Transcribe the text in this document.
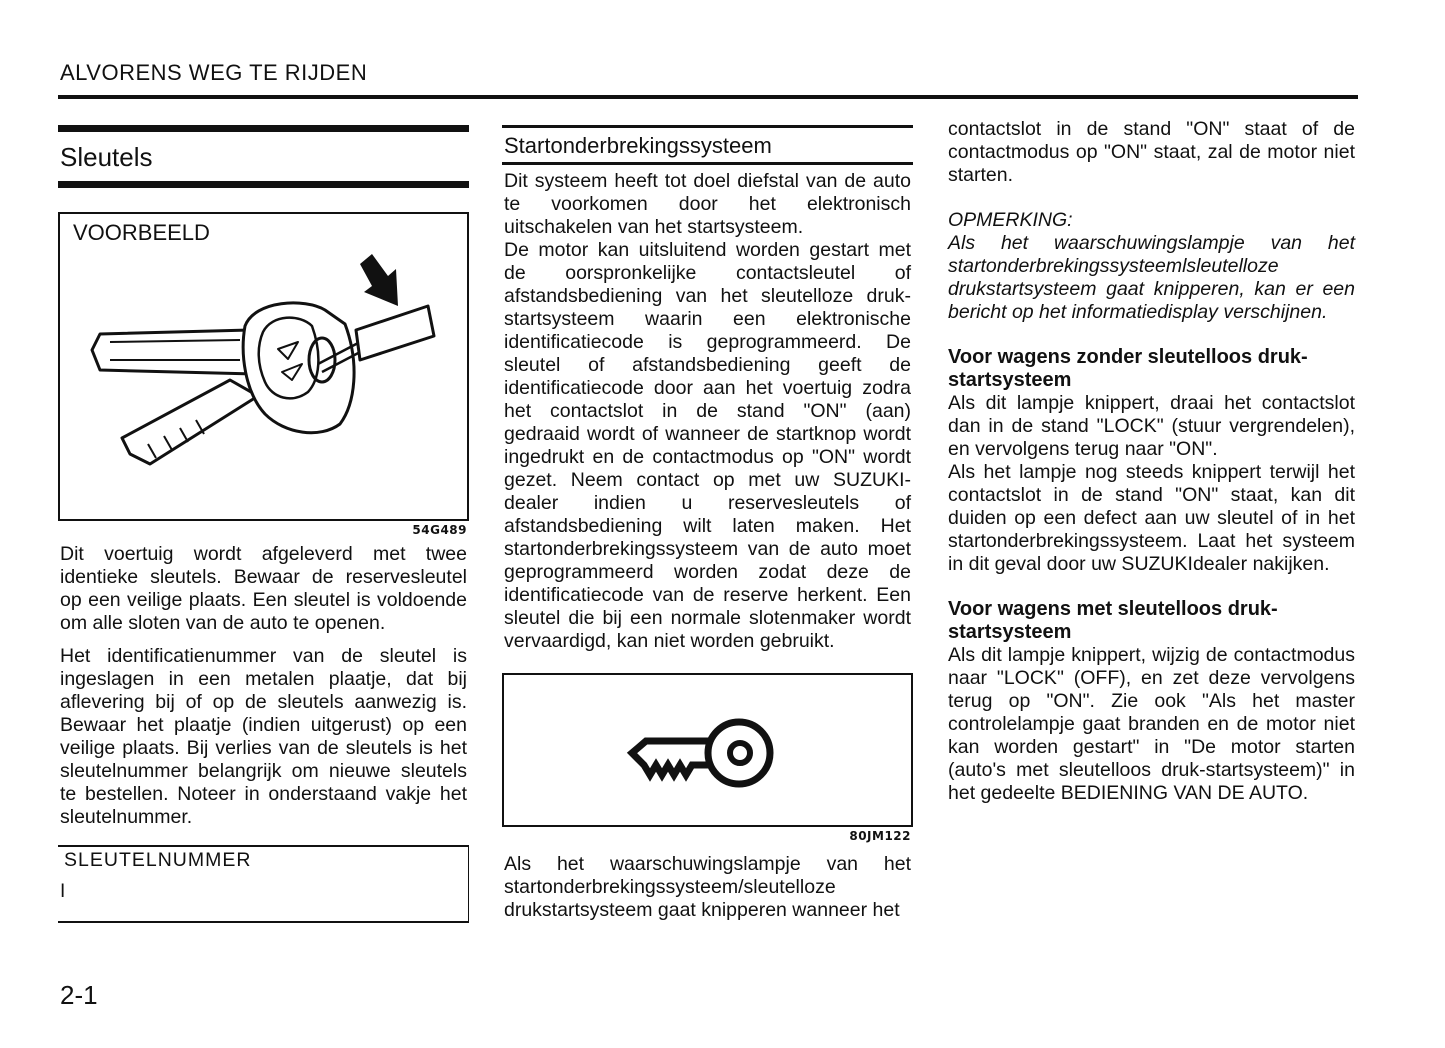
ALVORENS WEG TE RIJDEN
Sleutels
VOORBEELD
54G489

Dit voertuig wordt afgeleverd met twee identieke sleutels. Bewaar de reservesleutel op een veilige plaats. Een sleutel is voldoende om alle sloten van de auto te openen.

Het identificatienummer van de sleutel is ingeslagen in een metalen plaatje, dat bij aflevering bij of op de sleutels aanwezig is. Bewaar het plaatje (indien uitgerust) op een veilige plaats. Bij verlies van de sleutels is het sleutelnummer belangrijk om nieuwe sleutels te bestellen. Noteer in onderstaand vakje het sleutelnummer.

SLEUTELNUMMER
I
Startonderbrekingssysteem

Dit systeem heeft tot doel diefstal van de auto te voorkomen door het elektronisch uitschakelen van het startsysteem.

De motor kan uitsluitend worden gestart met de oorspronkelijke contactsleutel of afstandsbediening van het sleutelloze druk-startsysteem waarin een elektronische identificatiecode is geprogrammeerd. De sleutel of afstandsbediening geeft de identificatiecode door aan het voertuig zodra het contactslot in de stand "ON" (aan) gedraaid wordt of wanneer de startknop wordt ingedrukt en de contactmodus op "ON" wordt gezet. Neem contact op met uw SUZUKI-dealer indien u reservesleutels of afstandsbediening wilt laten maken. Het startonderbrekingssysteem van de auto moet geprogrammeerd worden zodat deze de identificatiecode van de reserve herkent. Een sleutel die bij een normale slotenmaker wordt vervaardigd, kan niet worden gebruikt.

80JM122

Als het waarschuwingslampje van het startonderbrekingssysteem/sleutelloze drukstartsysteem gaat knipperen wanneer het

contactslot in de stand "ON" staat of de contactmodus op "ON" staat, zal de motor niet starten.

OPMERKING:
Als het waarschuwingslampje van het startonderbrekingssysteemlsleutelloze drukstartsysteem gaat knipperen, kan er een bericht op het informatiedisplay verschijnen.
Voor wagens zonder sleutelloos druk-startsysteem

Als dit lampje knippert, draai het contactslot dan in de stand "LOCK" (stuur vergrendelen), en vervolgens terug naar "ON".

Als het lampje nog steeds knippert terwijl het contactslot in de stand "ON" staat, kan dit duiden op een defect aan uw sleutel of in het startonderbrekingssysteem. Laat het systeem in dit geval door uw SUZUKIdealer nakijken.

Voor wagens met sleutelloos druk-startsysteem

Als dit lampje knippert, wijzig de contactmodus naar "LOCK" (OFF), en zet deze vervolgens terug op "ON". Zie ook "Als het master controlelampje gaat branden en de motor niet kan worden gestart" in "De motor starten (auto's met sleutelloos druk-startsysteem)" in het gedeelte BEDIENING VAN DE AUTO.

2-1
